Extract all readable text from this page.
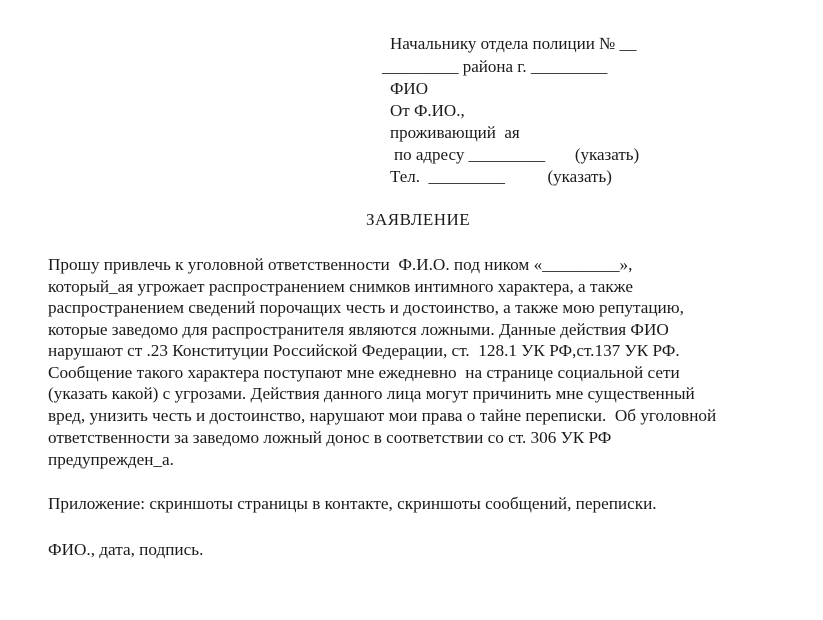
Начальнику отдела полиции № __
_________ района г. _________
ФИО
От Ф.ИО.,
проживающий  ая
по адресу _________       (указать)
Тел.  _________          (указать)
ЗАЯВЛЕНИЕ
Прошу привлечь к уголовной ответственности  Ф.И.О. под ником «_________»,
который_ая угрожает распространением снимков интимного характера, а также
распространением сведений порочащих честь и достоинство, а также мою репутацию,
которые заведомо для распространителя являются ложными. Данные действия ФИО
нарушают ст .23 Конституции Российской Федерации, ст.  128.1 УК РФ,ст.137 УК РФ.
Сообщение такого характера поступают мне ежедневно  на странице социальной сети
(указать какой) с угрозами. Действия данного лица могут причинить мне существенный
вред, унизить честь и достоинство, нарушают мои права о тайне переписки.  Об уголовной
ответственности за заведомо ложный донос в соответствии со ст. 306 УК РФ
предупрежден_а.
Приложение: скриншоты страницы в контакте, скриншоты сообщений, переписки.
ФИО., дата, подпись.
